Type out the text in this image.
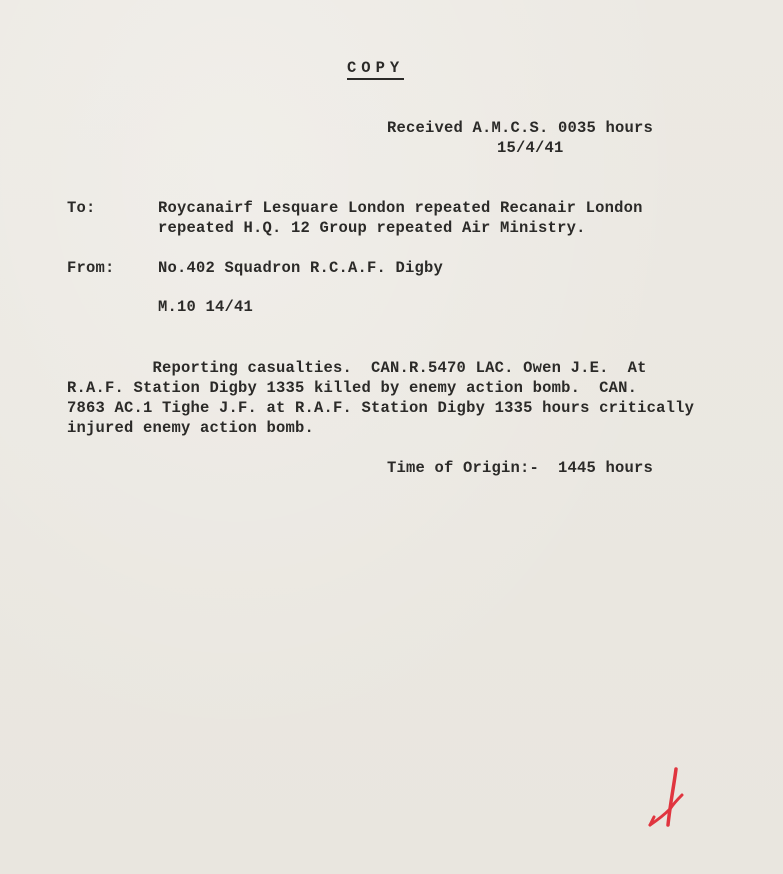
COPY
Received A.M.C.S. 0035 hours
15/4/41
To:	Roycanairf Lesquare London repeated Recanair London
repeated H.Q. 12 Group repeated Air Ministry.
From:	No.402 Squadron R.C.A.F. Digby
M.10 14/41
Reporting casualties.  CAN.R.5470 LAC. Owen J.E.  At
R.A.F. Station Digby 1335 killed by enemy action bomb.  CAN.
7863 AC.1 Tighe J.F. at R.A.F. Station Digby 1335 hours critically
injured enemy action bomb.
Time of Origin:-  1445 hours
